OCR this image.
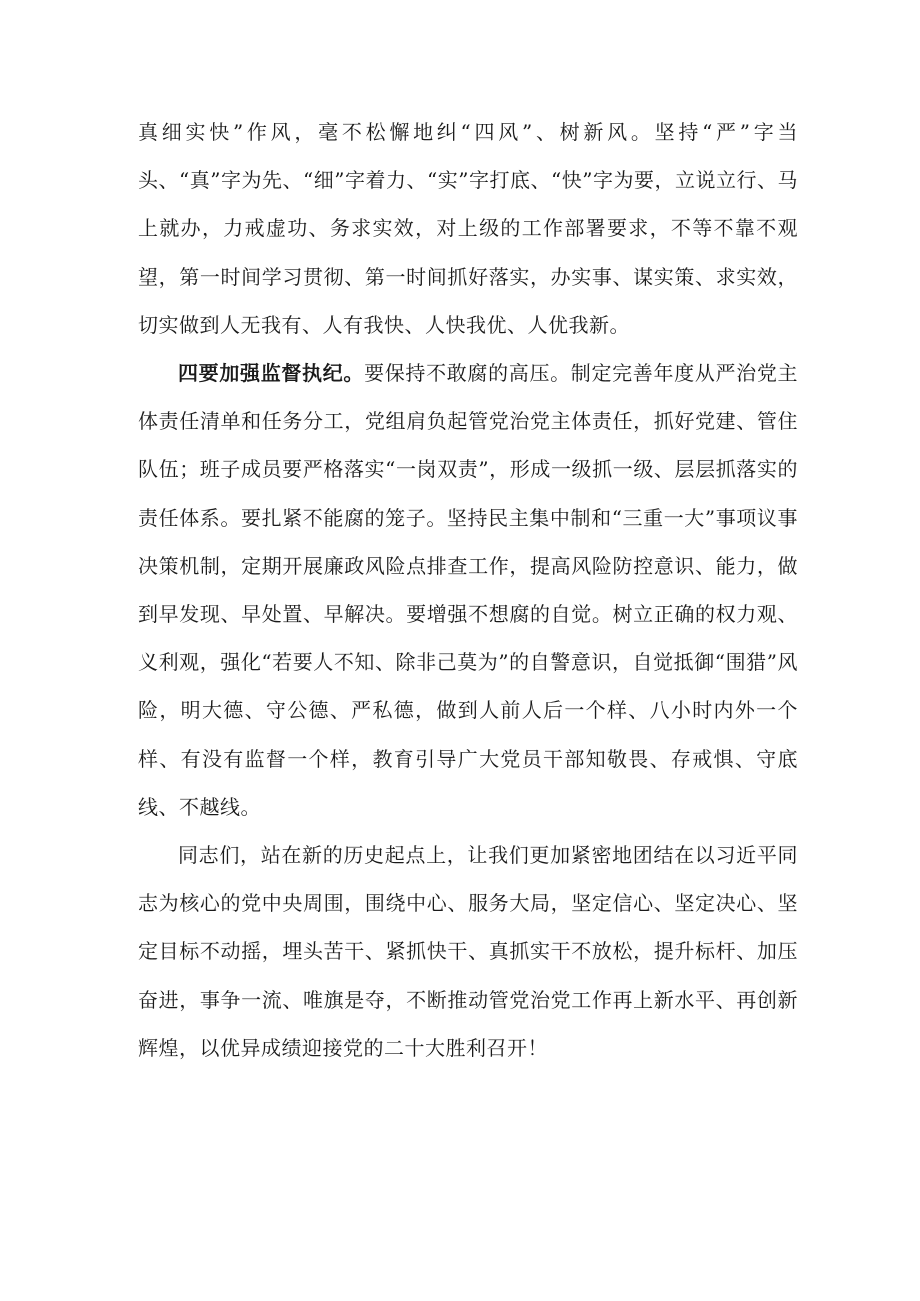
真细实快”作风，毫不松懈地纠“四风”、树新风。坚持“严”字当头、“真”字为先、“细”字着力、“实”字打底、“快”字为要，立说立行、马上就办，力戒虚功、务求实效，对上级的工作部署要求，不等不靠不观望，第一时间学习贯彻、第一时间抓好落实，办实事、谋实策、求实效，切实做到人无我有、人有我快、人快我优、人优我新。

四要加强监督执纪。要保持不敢腐的高压。制定完善年度从严治党主体责任清单和任务分工，党组肩负起管党治党主体责任，抓好党建、管住队伍；班子成员要严格落实“一岗双责”，形成一级抓一级、层层抓落实的责任体系。要扎紧不能腐的笼子。坚持民主集中制和“三重一大”事项议事决策机制，定期开展廉政风险点排查工作，提高风险防控意识、能力，做到早发现、早处置、早解决。要增强不想腐的自觉。树立正确的权力观、义利观，强化“若要人不知、除非己莫为”的自警意识，自觉抵御“围猎”风险，明大德、守公德、严私德，做到人前人后一个样、八小时内外一个样、有没有监督一个样，教育引导广大党员干部知敬畏、存戒惧、守底线、不越线。

同志们，站在新的历史起点上，让我们更加紧密地团结在以习近平同志为核心的党中央周围，围绕中心、服务大局，坚定信心、坚定决心、坚定目标不动摇，埋头苦干、紧抓快干、真抓实干不放松，提升标杆、加压奋进，事争一流、唯旗是夺，不断推动管党治党工作再上新水平、再创新辉煌，以优异成绩迎接党的二十大胜利召开！
